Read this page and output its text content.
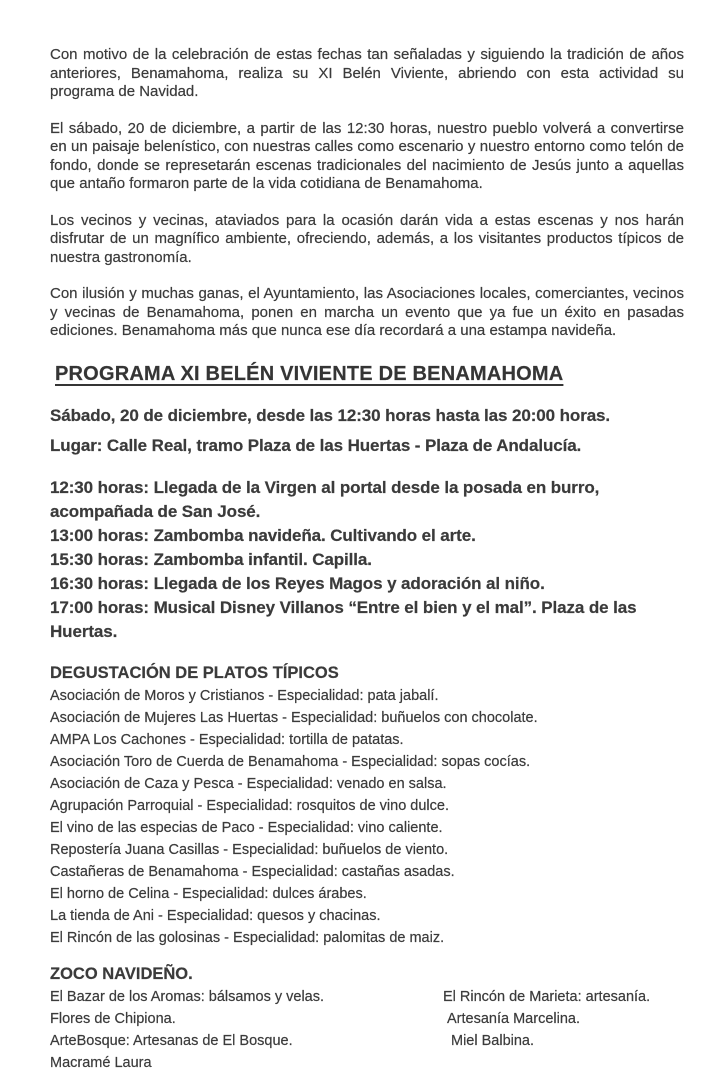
Con motivo de la celebración de estas fechas tan señaladas y siguiendo la tradición de años anteriores, Benamahoma, realiza su XI Belén Viviente, abriendo con esta actividad su programa de Navidad.

El sábado, 20 de diciembre, a partir de las 12:30 horas, nuestro pueblo volverá a convertirse en un paisaje belenístico, con nuestras calles como escenario y nuestro entorno como telón de fondo, donde se represetarán escenas tradicionales del nacimiento de Jesús junto a aquellas que antaño formaron parte de la vida cotidiana de Benamahoma.

Los vecinos y vecinas, ataviados para la ocasión darán vida a estas escenas y nos harán disfrutar de un magnífico ambiente, ofreciendo, además, a los visitantes productos típicos de nuestra gastronomía.

Con ilusión y muchas ganas, el Ayuntamiento, las Asociaciones locales, comerciantes, vecinos y vecinas de Benamahoma, ponen en marcha un evento que ya fue un éxito en pasadas ediciones. Benamahoma más que nunca ese día recordará a una estampa navideña.

PROGRAMA XI BELÉN VIVIENTE DE BENAMAHOMA

Sábado, 20 de diciembre, desde las 12:30 horas hasta las 20:00 horas.

Lugar: Calle Real, tramo Plaza de las Huertas - Plaza de Andalucía.

12:30 horas: Llegada de la Virgen al portal desde la posada en burro, acompañada de San José.

13:00 horas: Zambomba navideña. Cultivando el arte.

15:30 horas: Zambomba infantil. Capilla.

16:30 horas: Llegada de los Reyes Magos y adoración al niño.

17:00 horas: Musical Disney Villanos “Entre el bien y el mal”. Plaza de las Huertas.

DEGUSTACIÓN DE PLATOS TÍPICOS

Asociación de Moros y Cristianos - Especialidad: pata jabalí.

Asociación de Mujeres Las Huertas - Especialidad: buñuelos con chocolate.

AMPA Los Cachones - Especialidad: tortilla de patatas.

Asociación Toro de Cuerda de Benamahoma - Especialidad: sopas cocías.

Asociación de Caza y Pesca - Especialidad: venado en salsa.

Agrupación Parroquial - Especialidad: rosquitos de vino dulce.

El vino de las especias de Paco - Especialidad: vino caliente.

Repostería Juana Casillas - Especialidad: buñuelos de viento.

Castañeras de Benamahoma - Especialidad: castañas asadas.

El horno de Celina - Especialidad: dulces árabes.

La tienda de Ani - Especialidad: quesos y chacinas.

El Rincón de las golosinas - Especialidad: palomitas de maiz.

ZOCO NAVIDEÑO.

El Bazar de los Aromas: bálsamos y velas.

Flores de Chipiona.

ArteBosque: Artesanas de El Bosque.

Macramé Laura

El Rincón de Marieta: artesanía.

Artesanía Marcelina.

Miel Balbina.
